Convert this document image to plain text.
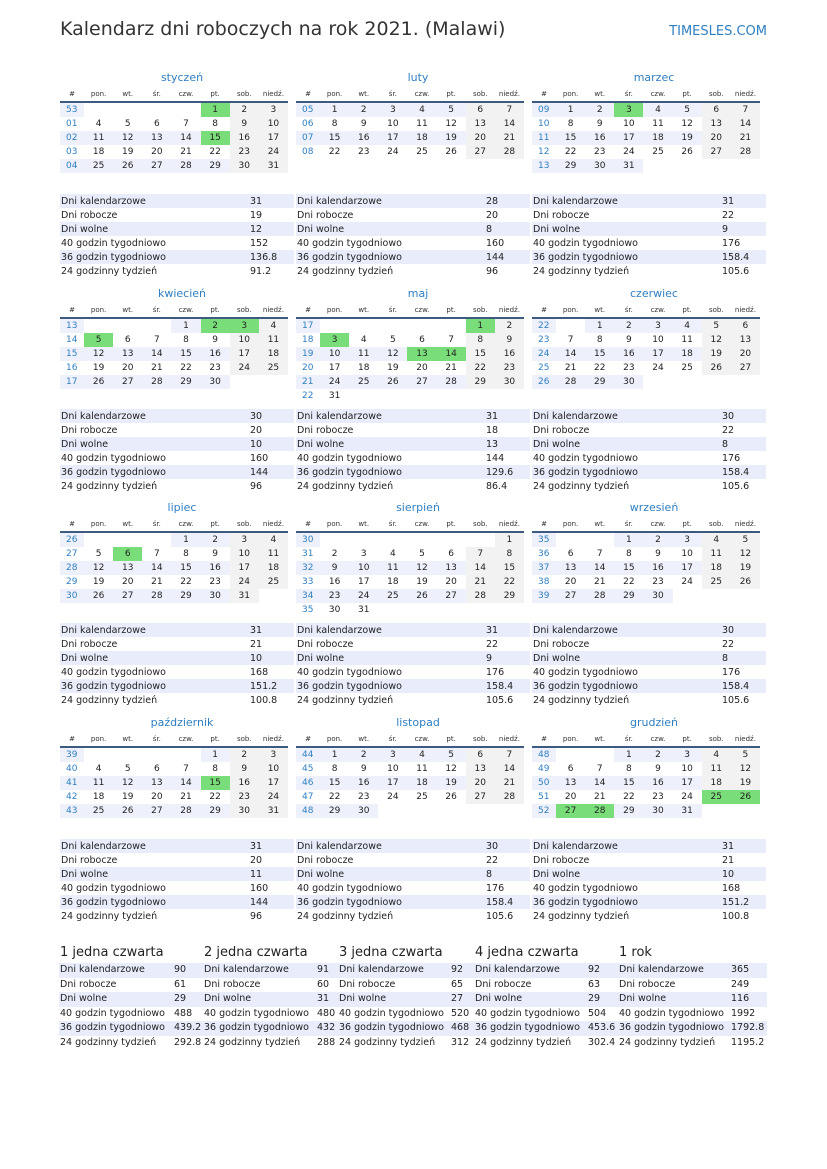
Kalendarz dni roboczych na rok 2021. (Malawi)	TIMESLES.COM
styczeń
#	pon.	wt.	śr.	czw.	pt.	sob.	niedź.
53					1	2	3
01	4	5	6	7	8	9	10
02	11	12	13	14	15	16	17
03	18	19	20	21	22	23	24
04	25	26	27	28	29	30	31
Dni kalendarzowe	31
Dni robocze	19
Dni wolne	12
40 godzin tygodniowo	152
36 godzin tygodniowo	136.8
24 godzinny tydzień	91.2
luty
#	pon.	wt.	śr.	czw.	pt.	sob.	niedź.
05	1	2	3	4	5	6	7
06	8	9	10	11	12	13	14
07	15	16	17	18	19	20	21
08	22	23	24	25	26	27	28
Dni kalendarzowe	28
Dni robocze	20
Dni wolne	8
40 godzin tygodniowo	160
36 godzin tygodniowo	144
24 godzinny tydzień	96
marzec
#	pon.	wt.	śr.	czw.	pt.	sob.	niedź.
09	1	2	3	4	5	6	7
10	8	9	10	11	12	13	14
11	15	16	17	18	19	20	21
12	22	23	24	25	26	27	28
13	29	30	31				
Dni kalendarzowe	31
Dni robocze	22
Dni wolne	9
40 godzin tygodniowo	176
36 godzin tygodniowo	158.4
24 godzinny tydzień	105.6
kwiecień
#	pon.	wt.	śr.	czw.	pt.	sob.	niedź.
13				1	2	3	4
14	5	6	7	8	9	10	11
15	12	13	14	15	16	17	18
16	19	20	21	22	23	24	25
17	26	27	28	29	30		
Dni kalendarzowe	30
Dni robocze	20
Dni wolne	10
40 godzin tygodniowo	160
36 godzin tygodniowo	144
24 godzinny tydzień	96
maj
#	pon.	wt.	śr.	czw.	pt.	sob.	niedź.
17						1	2
18	3	4	5	6	7	8	9
19	10	11	12	13	14	15	16
20	17	18	19	20	21	22	23
21	24	25	26	27	28	29	30
22	31						
Dni kalendarzowe	31
Dni robocze	18
Dni wolne	13
40 godzin tygodniowo	144
36 godzin tygodniowo	129.6
24 godzinny tydzień	86.4
czerwiec
#	pon.	wt.	śr.	czw.	pt.	sob.	niedź.
22		1	2	3	4	5	6
23	7	8	9	10	11	12	13
24	14	15	16	17	18	19	20
25	21	22	23	24	25	26	27
26	28	29	30				
Dni kalendarzowe	30
Dni robocze	22
Dni wolne	8
40 godzin tygodniowo	176
36 godzin tygodniowo	158.4
24 godzinny tydzień	105.6
lipiec
#	pon.	wt.	śr.	czw.	pt.	sob.	niedź.
26				1	2	3	4
27	5	6	7	8	9	10	11
28	12	13	14	15	16	17	18
29	19	20	21	22	23	24	25
30	26	27	28	29	30	31	
Dni kalendarzowe	31
Dni robocze	21
Dni wolne	10
40 godzin tygodniowo	168
36 godzin tygodniowo	151.2
24 godzinny tydzień	100.8
sierpień
#	pon.	wt.	śr.	czw.	pt.	sob.	niedź.
30							1
31	2	3	4	5	6	7	8
32	9	10	11	12	13	14	15
33	16	17	18	19	20	21	22
34	23	24	25	26	27	28	29
35	30	31					
Dni kalendarzowe	31
Dni robocze	22
Dni wolne	9
40 godzin tygodniowo	176
36 godzin tygodniowo	158.4
24 godzinny tydzień	105.6
wrzesień
#	pon.	wt.	śr.	czw.	pt.	sob.	niedź.
35			1	2	3	4	5
36	6	7	8	9	10	11	12
37	13	14	15	16	17	18	19
38	20	21	22	23	24	25	26
39	27	28	29	30			
Dni kalendarzowe	30
Dni robocze	22
Dni wolne	8
40 godzin tygodniowo	176
36 godzin tygodniowo	158.4
24 godzinny tydzień	105.6
październik
#	pon.	wt.	śr.	czw.	pt.	sob.	niedź.
39					1	2	3
40	4	5	6	7	8	9	10
41	11	12	13	14	15	16	17
42	18	19	20	21	22	23	24
43	25	26	27	28	29	30	31
Dni kalendarzowe	31
Dni robocze	20
Dni wolne	11
40 godzin tygodniowo	160
36 godzin tygodniowo	144
24 godzinny tydzień	96
listopad
#	pon.	wt.	śr.	czw.	pt.	sob.	niedź.
44	1	2	3	4	5	6	7
45	8	9	10	11	12	13	14
46	15	16	17	18	19	20	21
47	22	23	24	25	26	27	28
48	29	30					
Dni kalendarzowe	30
Dni robocze	22
Dni wolne	8
40 godzin tygodniowo	176
36 godzin tygodniowo	158.4
24 godzinny tydzień	105.6
grudzień
#	pon.	wt.	śr.	czw.	pt.	sob.	niedź.
48			1	2	3	4	5
49	6	7	8	9	10	11	12
50	13	14	15	16	17	18	19
51	20	21	22	23	24	25	26
52	27	28	29	30	31		
Dni kalendarzowe	31
Dni robocze	21
Dni wolne	10
40 godzin tygodniowo	168
36 godzin tygodniowo	151.2
24 godzinny tydzień	100.8
1 jedna czwarta	2 jedna czwarta 3 jedna czwarta 4 jedna czwarta	1 rok
Dni kalendarzowe	90 Dni kalendarzowe	91 Dni kalendarzowe	92 Dni kalendarzowe	92 Dni kalendarzowe	365
Dni robocze	61 Dni robocze	60 Dni robocze	65 Dni robocze	63 Dni robocze	249
Dni wolne	29 Dni wolne	31 Dni wolne	27 Dni wolne	29 Dni wolne	116
40 godzin tygodniowo 488 40 godzin tygodniowo 480 40 godzin tygodniowo 520 40 godzin tygodniowo 504 40 godzin tygodniowo 1992
36 godzin tygodniowo 439.2 36 godzin tygodniowo 432 36 godzin tygodniowo 468 36 godzin tygodniowo 453.6 36 godzin tygodniowo 1792.8
24 godzinny tydzień 292.8 24 godzinny tydzień 288 24 godzinny tydzień 312 24 godzinny tydzień 302.4 24 godzinny tydzień 1195.2
